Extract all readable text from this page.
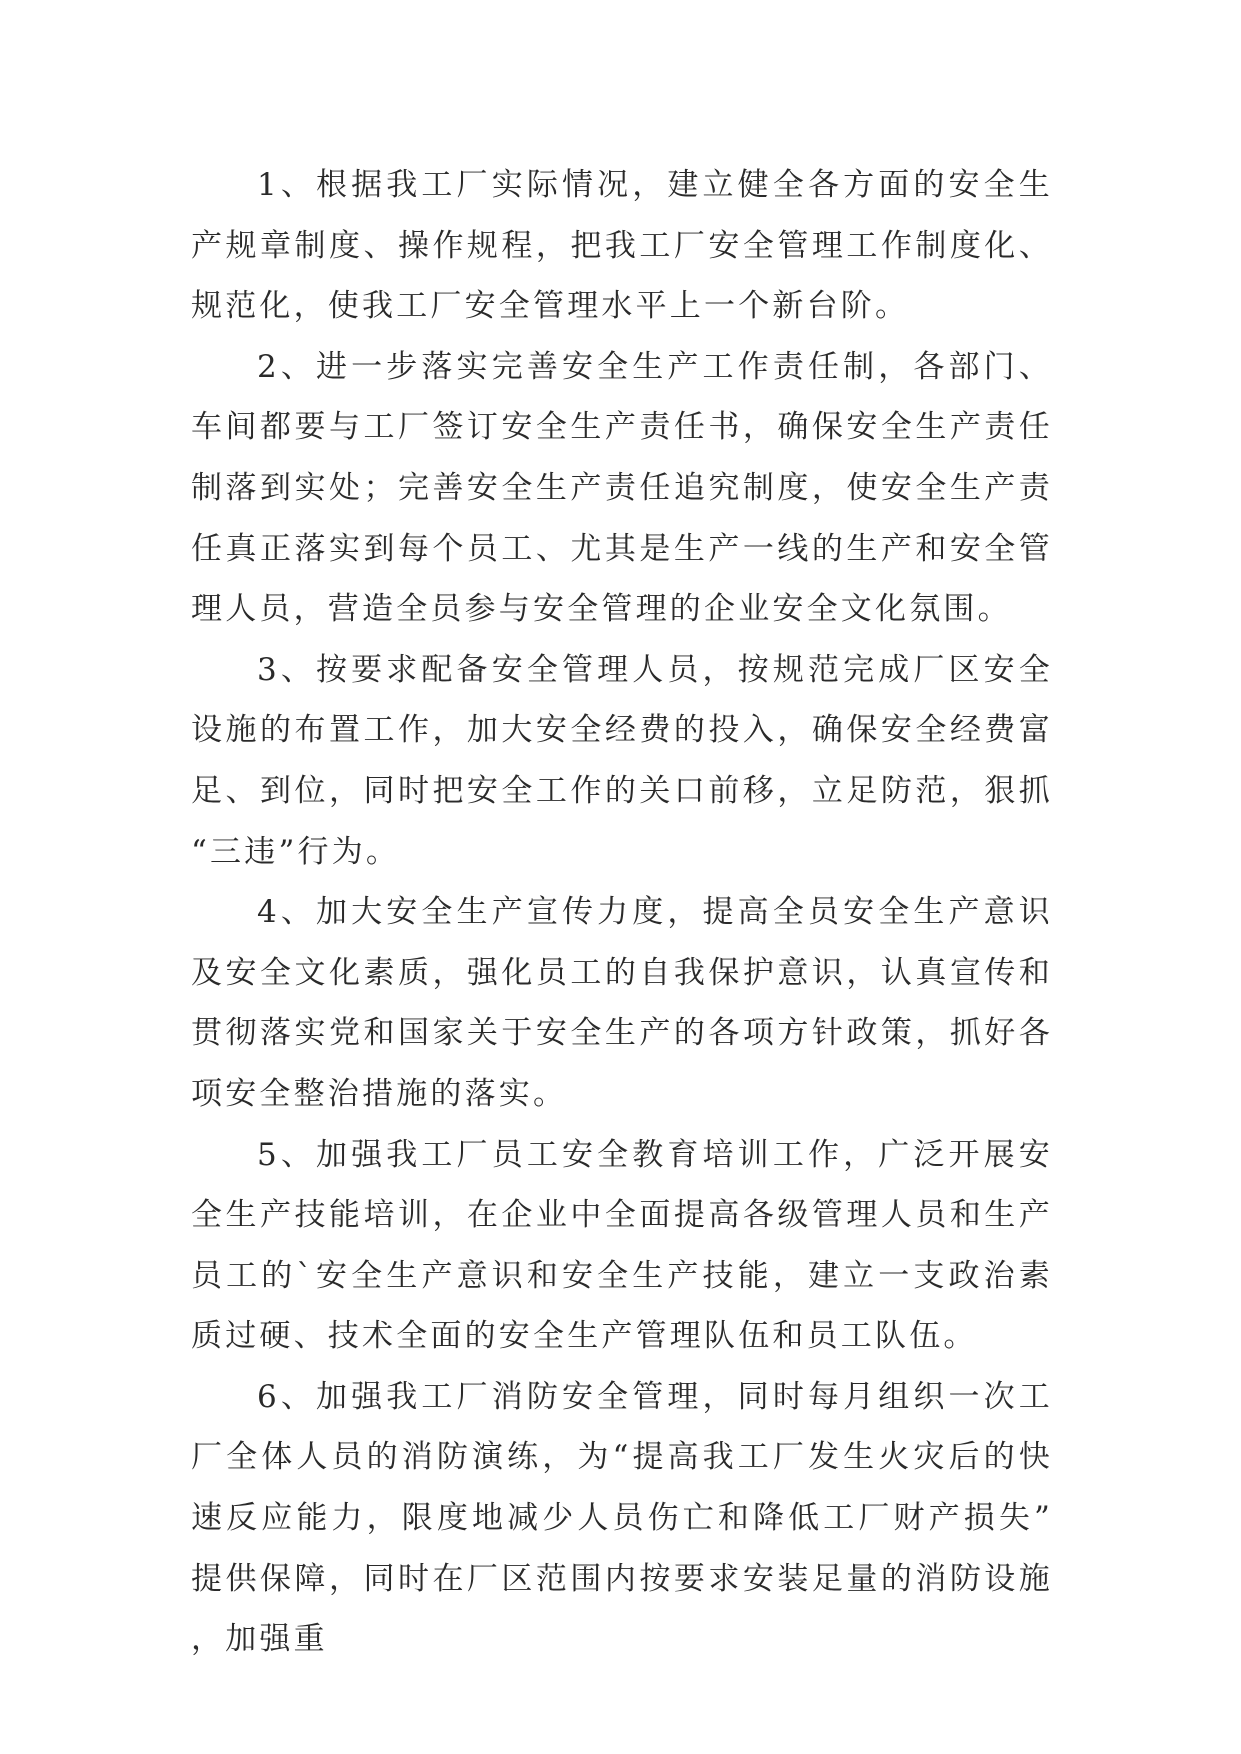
1、根据我工厂实际情况，建立健全各方面的安全生产规章制度、操作规程，把我工厂安全管理工作制度化、规范化，使我工厂安全管理水平上一个新台阶。

2、进一步落实完善安全生产工作责任制，各部门、车间都要与工厂签订安全生产责任书，确保安全生产责任制落到实处；完善安全生产责任追究制度，使安全生产责任真正落实到每个员工、尤其是生产一线的生产和安全管理人员，营造全员参与安全管理的企业安全文化氛围。

3、按要求配备安全管理人员，按规范完成厂区安全设施的布置工作，加大安全经费的投入，确保安全经费富足、到位，同时把安全工作的关口前移，立足防范，狠抓“三违”行为。

4、加大安全生产宣传力度，提高全员安全生产意识及安全文化素质，强化员工的自我保护意识，认真宣传和贯彻落实党和国家关于安全生产的各项方针政策，抓好各项安全整治措施的落实。

5、加强我工厂员工安全教育培训工作，广泛开展安全生产技能培训，在企业中全面提高各级管理人员和生产员工的`安全生产意识和安全生产技能，建立一支政治素质过硬、技术全面的安全生产管理队伍和员工队伍。

6、加强我工厂消防安全管理，同时每月组织一次工厂全体人员的消防演练，为“提高我工厂发生火灾后的快速反应能力，限度地减少人员伤亡和降低工厂财产损失”提供保障，同时在厂区范围内按要求安装足量的消防设施，加强重
